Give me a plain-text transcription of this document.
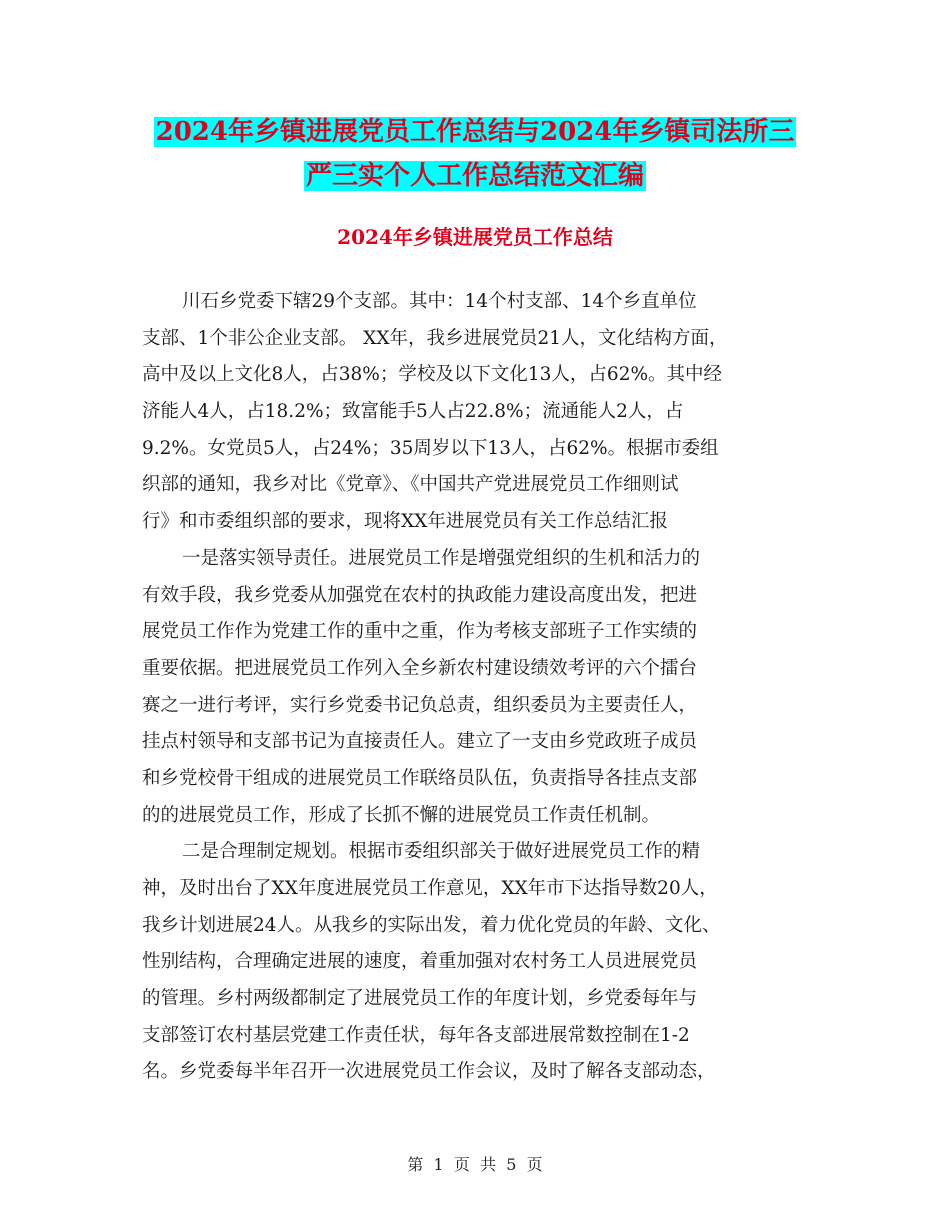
2024年乡镇进展党员工作总结与2024年乡镇司法所三
严三实个人工作总结范文汇编
2024年乡镇进展党员工作总结
川石乡党委下辖29个支部。其中：14个村支部、14个乡直单位
支部、1个非公企业支部。 XX年，我乡进展党员21人，文化结构方面，
高中及以上文化8人，占38%；学校及以下文化13人，占62%。其中经
济能人4人，占18.2%；致富能手5人占22.8%；流通能人2人，占
9.2%。女党员5人，占24%；35周岁以下13人，占62%。根据市委组
织部的通知，我乡对比《党章》、《中国共产党进展党员工作细则试
行》和市委组织部的要求，现将XX年进展党员有关工作总结汇报
一是落实领导责任。进展党员工作是增强党组织的生机和活力的
有效手段，我乡党委从加强党在农村的执政能力建设高度出发，把进
展党员工作作为党建工作的重中之重，作为考核支部班子工作实绩的
重要依据。把进展党员工作列入全乡新农村建设绩效考评的六个擂台
赛之一进行考评，实行乡党委书记负总责，组织委员为主要责任人，
挂点村领导和支部书记为直接责任人。建立了一支由乡党政班子成员
和乡党校骨干组成的进展党员工作联络员队伍，负责指导各挂点支部
的的进展党员工作，形成了长抓不懈的进展党员工作责任机制。
二是合理制定规划。根据市委组织部关于做好进展党员工作的精
神，及时出台了XX年度进展党员工作意见，XX年市下达指导数20人，
我乡计划进展24人。从我乡的实际出发，着力优化党员的年龄、文化、
性别结构，合理确定进展的速度，着重加强对农村务工人员进展党员
的管理。乡村两级都制定了进展党员工作的年度计划，乡党委每年与
支部签订农村基层党建工作责任状，每年各支部进展常数控制在1-2
名。乡党委每半年召开一次进展党员工作会议，及时了解各支部动态，
第  1  页  共  5  页
